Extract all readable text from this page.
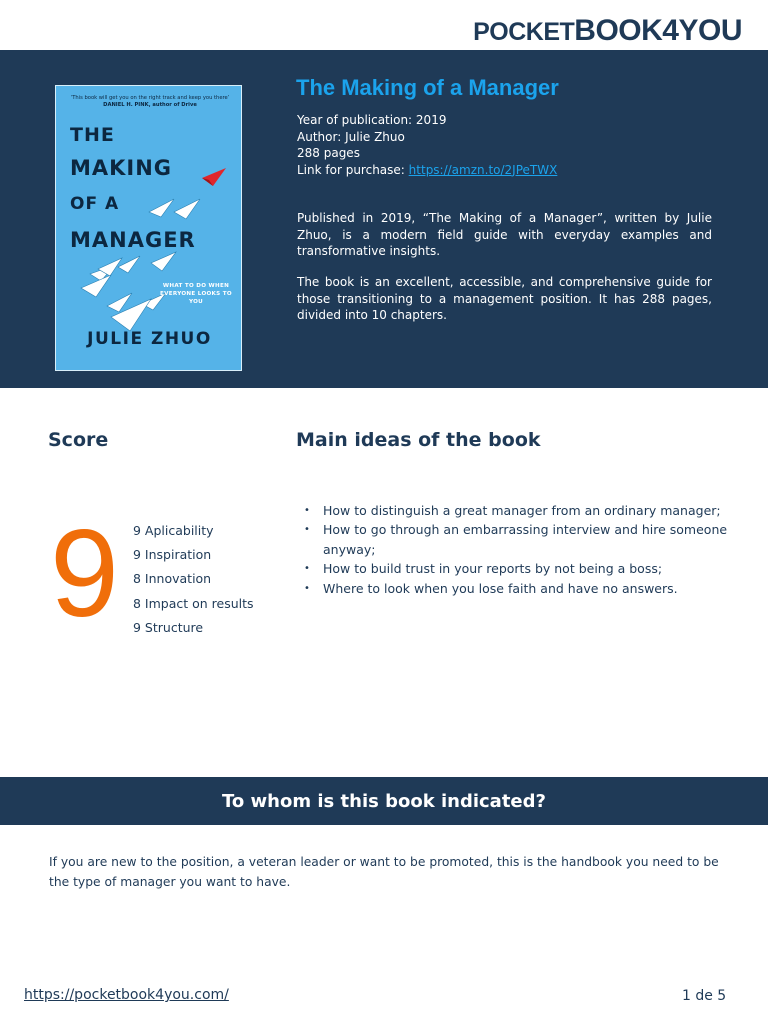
POCKETBOOK4YOU
‘This book will get you on the right track and keep you there’
DANIEL H. PINK, author of Drive
THE
MAKING
OF A
MANAGER
WHAT TO DO WHEN EVERYONE LOOKS TO YOU
JULIE ZHUO
The Making of a Manager
Year of publication: 2019
Author: Julie Zhuo
288 pages
Link for purchase: https://amzn.to/2JPeTWX

Published in 2019, “The Making of a Manager”, written by Julie Zhuo, is a modern field guide with everyday examples and transformative insights.

The book is an excellent, accessible, and comprehensive guide for those transitioning to a management position. It has 288 pages, divided into 10 chapters.

Score	Main ideas of the book
9 9 Aplicability
9 Inspiration
8 Innovation
8 Impact on results
9 Structure
• How to distinguish a great manager from an ordinary manager;
• How to go through an embarrassing interview and hire someone anyway;
• How to build trust in your reports by not being a boss;
• Where to look when you lose faith and have no answers.
To whom is this book indicated?

If you are new to the position, a veteran leader or want to be promoted, this is the handbook you need to be the type of manager you want to have.

https://pocketbook4you.com/	1 de 5
